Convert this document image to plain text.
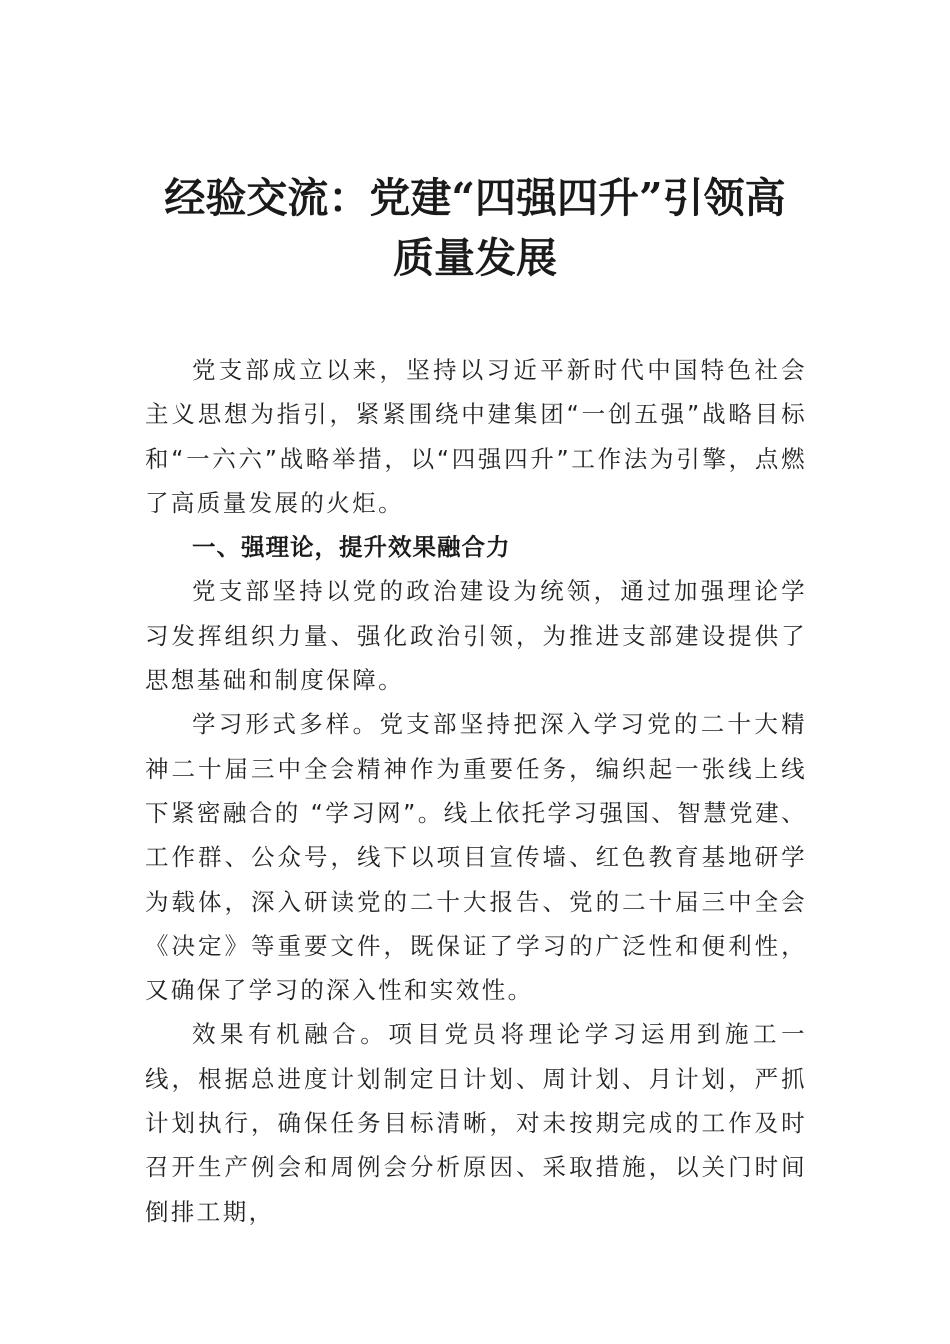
经验交流：党建“四强四升”引领高质量发展

党支部成立以来，坚持以习近平新时代中国特色社会主义思想为指引，紧紧围绕中建集团“一创五强”战略目标和“一六六”战略举措，以“四强四升”工作法为引擎，点燃了高质量发展的火炬。

一、强理论，提升效果融合力

党支部坚持以党的政治建设为统领，通过加强理论学习发挥组织力量、强化政治引领，为推进支部建设提供了思想基础和制度保障。

学习形式多样。党支部坚持把深入学习党的二十大精神二十届三中全会精神作为重要任务，编织起一张线上线下紧密融合的 “学习网”。线上依托学习强国、智慧党建、工作群、公众号，线下以项目宣传墙、红色教育基地研学为载体，深入研读党的二十大报告、党的二十届三中全会《决定》等重要文件，既保证了学习的广泛性和便利性，又确保了学习的深入性和实效性。

效果有机融合。项目党员将理论学习运用到施工一线，根据总进度计划制定日计划、周计划、月计划，严抓计划执行，确保任务目标清晰，对未按期完成的工作及时召开生产例会和周例会分析原因、采取措施，以关门时间倒排工期，
